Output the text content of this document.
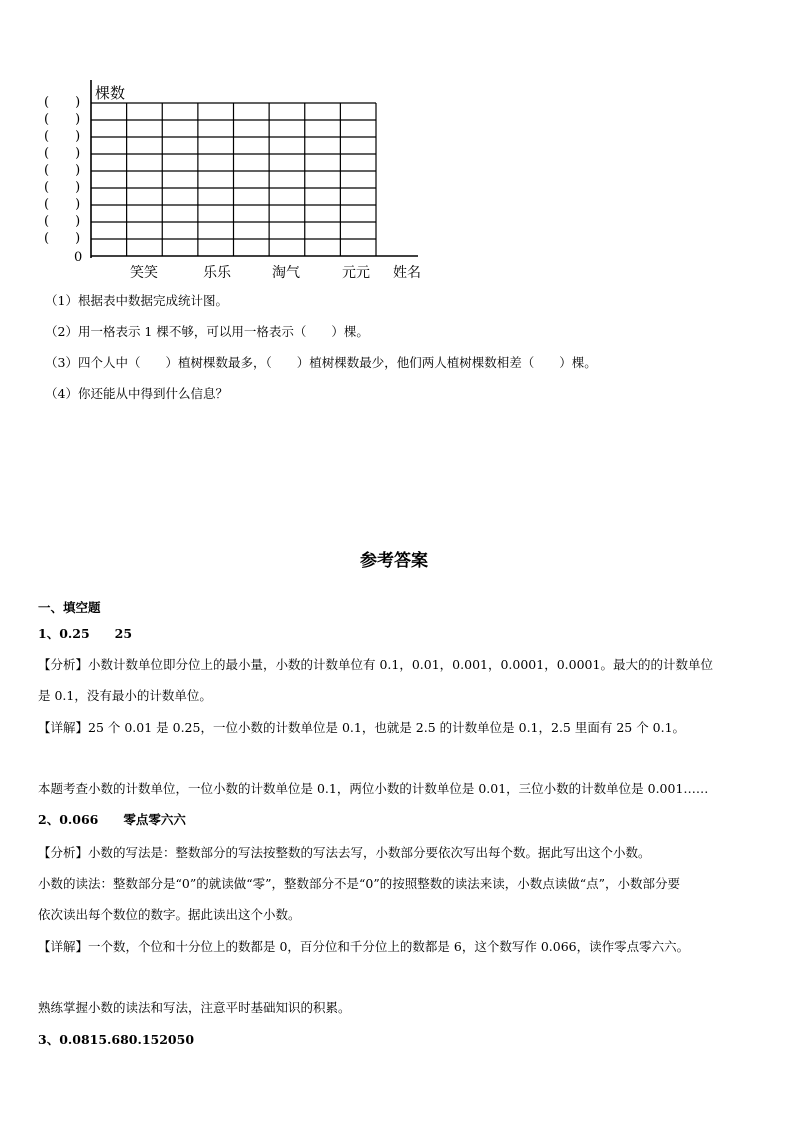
(　　)
(　　)
(　　)
(　　)
(　　)
(　　)
(　　)
(　　)
(　　)
棵数
0
笑笑	乐乐	淘气	元元 姓名
（1）根据表中数据完成统计图。
（2）用一格表示 1 棵不够，可以用一格表示（　　）棵。
（3）四个人中（　　）植树棵数最多，（　　）植树棵数最少，他们两人植树棵数相差（　　）棵。
（4）你还能从中得到什么信息？
参考答案
一、填空题
1、0.25　　25
【分析】小数计数单位即分位上的最小量，小数的计数单位有 0.1，0.01，0.001，0.0001，0.0001。最大的的计数单位
是 0.1，没有最小的计数单位。
【详解】25 个 0.01 是 0.25，一位小数的计数单位是 0.1，也就是 2.5 的计数单位是 0.1，2.5 里面有 25 个 0.1。
本题考查小数的计数单位，一位小数的计数单位是 0.1，两位小数的计数单位是 0.01，三位小数的计数单位是 0.001……
2、0.066　　零点零六六
【分析】小数的写法是：整数部分的写法按整数的写法去写，小数部分要依次写出每个数。据此写出这个小数。
小数的读法：整数部分是“0”的就读做“零”，整数部分不是“0”的按照整数的读法来读，小数点读做“点”，小数部分要
依次读出每个数位的数字。据此读出这个小数。
【详解】一个数，个位和十分位上的数都是 0，百分位和千分位上的数都是 6，这个数写作 0.066，读作零点零六六。
熟练掌握小数的读法和写法，注意平时基础知识的积累。
3、0.0815.680.152050
